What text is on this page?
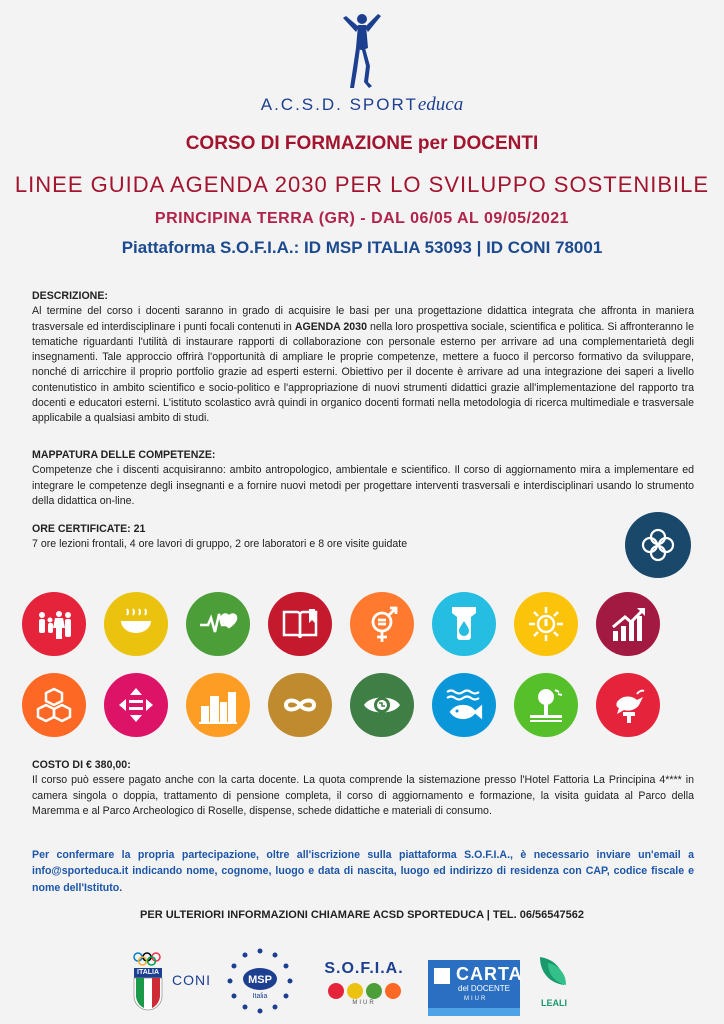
A.C.S.D. SPORTeduca
CORSO DI FORMAZIONE per DOCENTI
LINEE GUIDA AGENDA 2030 PER LO SVILUPPO SOSTENIBILE
PRINCIPINA TERRA (GR) - DAL 06/05 AL 09/05/2021
Piattaforma S.O.F.I.A.: ID MSP ITALIA 53093 | ID CONI 78001
DESCRIZIONE:
Al termine del corso i docenti saranno in grado di acquisire le basi per una progettazione didattica integrata che affronta in maniera trasversale ed interdisciplinare i punti focali contenuti in AGENDA 2030 nella loro prospettiva sociale, scientifica e politica. Si affronteranno le tematiche riguardanti l'utilità di instaurare rapporti di collaborazione con personale esterno per arrivare ad una complementarietà degli insegnamenti. Tale approccio offrirà l'opportunità di ampliare le proprie competenze, mettere a fuoco il percorso formativo da sviluppare, nonché di arricchire il proprio portfolio grazie ad esperti esterni. Obiettivo per il docente è arrivare ad una integrazione dei saperi a livello contenutistico in ambito scientifico e socio-politico e l'appropriazione di nuovi strumenti didattici grazie all'implementazione del rapporto tra docenti e educatori esterni. L'istituto scolastico avrà quindi in organico docenti formati nella metodologia di ricerca multimediale e trasversale applicabile a qualsiasi ambito di studi.
MAPPATURA DELLE COMPETENZE:
Competenze che i discenti acquisiranno: ambito antropologico, ambientale e scientifico. Il corso di aggiornamento mira a implementare ed integrare le competenze degli insegnanti e a fornire nuovi metodi per progettare interventi trasversali e interdisciplinari usando lo strumento della didattica on-line.
ORE CERTIFICATE: 21
7 ore lezioni frontali, 4 ore lavori di gruppo, 2 ore laboratori e 8 ore visite guidate
COSTO DI € 380,00:
Il corso può essere pagato anche con la carta docente. La quota comprende la sistemazione presso l'Hotel Fattoria La Principina 4**** in camera singola o doppia, trattamento di pensione completa, il corso di aggiornamento e formazione, la visita guidata al Parco della Maremma e al Parco Archeologico di Roselle, dispense, schede didattiche e materiali di consumo.
Per confermare la propria partecipazione, oltre all'iscrizione sulla piattaforma S.O.F.I.A., è necessario inviare un'email a info@sporteduca.it indicando nome, cognome, luogo e data di nascita, luogo ed indirizzo di residenza con CAP, codice fiscale e nome dell'Istituto.
PER ULTERIORI INFORMAZIONI CHIAMARE ACSD SPORTEDUCA | TEL. 06/56547562
ITALIA CONI	MSP
Italia
S.O.F.I.A.
MIUR
CARTA
del DOCENTE
MIUR	LEALI
